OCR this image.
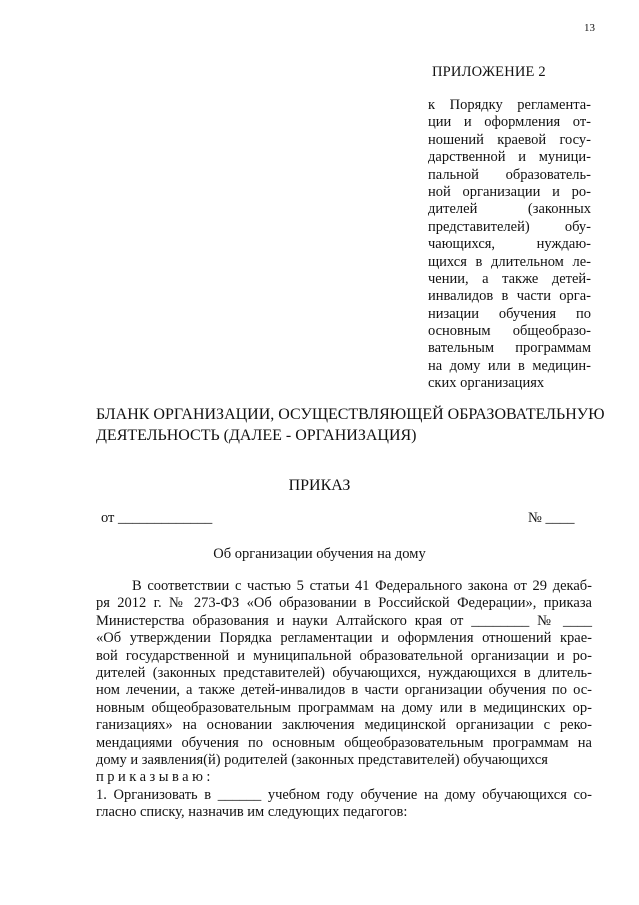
13
ПРИЛОЖЕНИЕ 2
к Порядку регламента-
ции и оформления от-
ношений краевой госу-
дарственной и муници-
пальной образователь-
ной организации и ро-
дителей (законных
представителей) обу-
чающихся, нуждаю-
щихся в длительном ле-
чении, а также детей-
инвалидов в части орга-
низации обучения по
основным общеобразо-
вательным программам
на дому или в медицин-
ских организациях
БЛАНК ОРГАНИЗАЦИИ, ОСУЩЕСТВЛЯЮЩЕЙ ОБРАЗОВАТЕЛЬНУЮ
ДЕЯТЕЛЬНОСТЬ (ДАЛЕЕ - ОРГАНИЗАЦИЯ)
ПРИКАЗ
от _____________	№ ____
Об организации обучения на дому
В соответствии с частью 5 статьи 41 Федерального закона от 29 декаб-
ря 2012 г. № 273-ФЗ «Об образовании в Российской Федерации», приказа
Министерства образования и науки Алтайского края от ________ № ____
«Об утверждении Порядка регламентации и оформления отношений крае-
вой государственной и муниципальной образовательной организации и ро-
дителей (законных представителей) обучающихся, нуждающихся в длитель-
ном лечении, а также детей-инвалидов в части организации обучения по ос-
новным общеобразовательным программам на дому или в медицинских ор-
ганизациях» на основании заключения медицинской организации с реко-
мендациями обучения по основным общеобразовательным программам на
дому и заявления(й) родителей (законных представителей) обучающихся
приказываю:
1. Организовать в ______ учебном году обучение на дому обучающихся со-
гласно списку, назначив им следующих педагогов:
